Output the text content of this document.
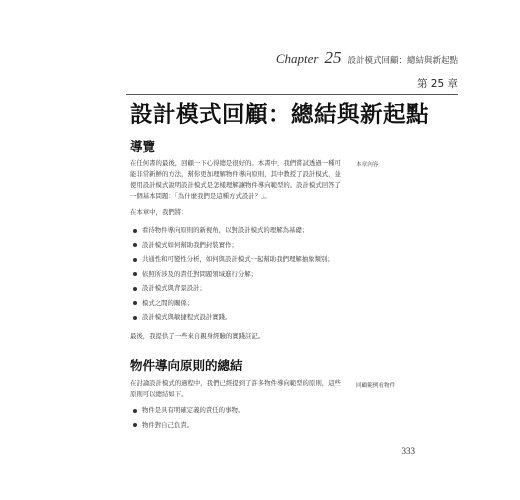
Chapter 25 設計模式回顧：總結與新起點
第 25 章
設計模式回顧：總結與新起點
導覽
在任何書的最後，回顧一下心得總是很好的。本書中，我們嘗試透過一種可能非常新鮮的方法，幫你更加理解物件導向原則，其中教授了設計模式，並使用設計模式說明設計模式是怎樣理解讓物件導向範型的。設計模式回答了一個基本問題：「為什麼我們是這種方式設計？」。
本章內容
在本章中，我們將：
看待物件導向原則的新視角，以對設計模式的理解為基礎；
設計模式如何幫助我們封裝實作；
共通性和可變性分析，如何與設計模式一起幫助我們理解抽象類別；
依照所涉及的責任對問題領域進行分解；
設計模式與背景設計；
模式之間的關係；
設計模式與敏捷程式設計實踐。
最後，我提供了一些來自親身經驗的實踐註記。
物件導向原則的總結
在討論設計模式的過程中，我們已經提到了許多物件導向範型的原則，這些原則可以總結如下。
回顧範例看物件
物件是具有明確定義的責任的事物。
物件對自己負責。
333
